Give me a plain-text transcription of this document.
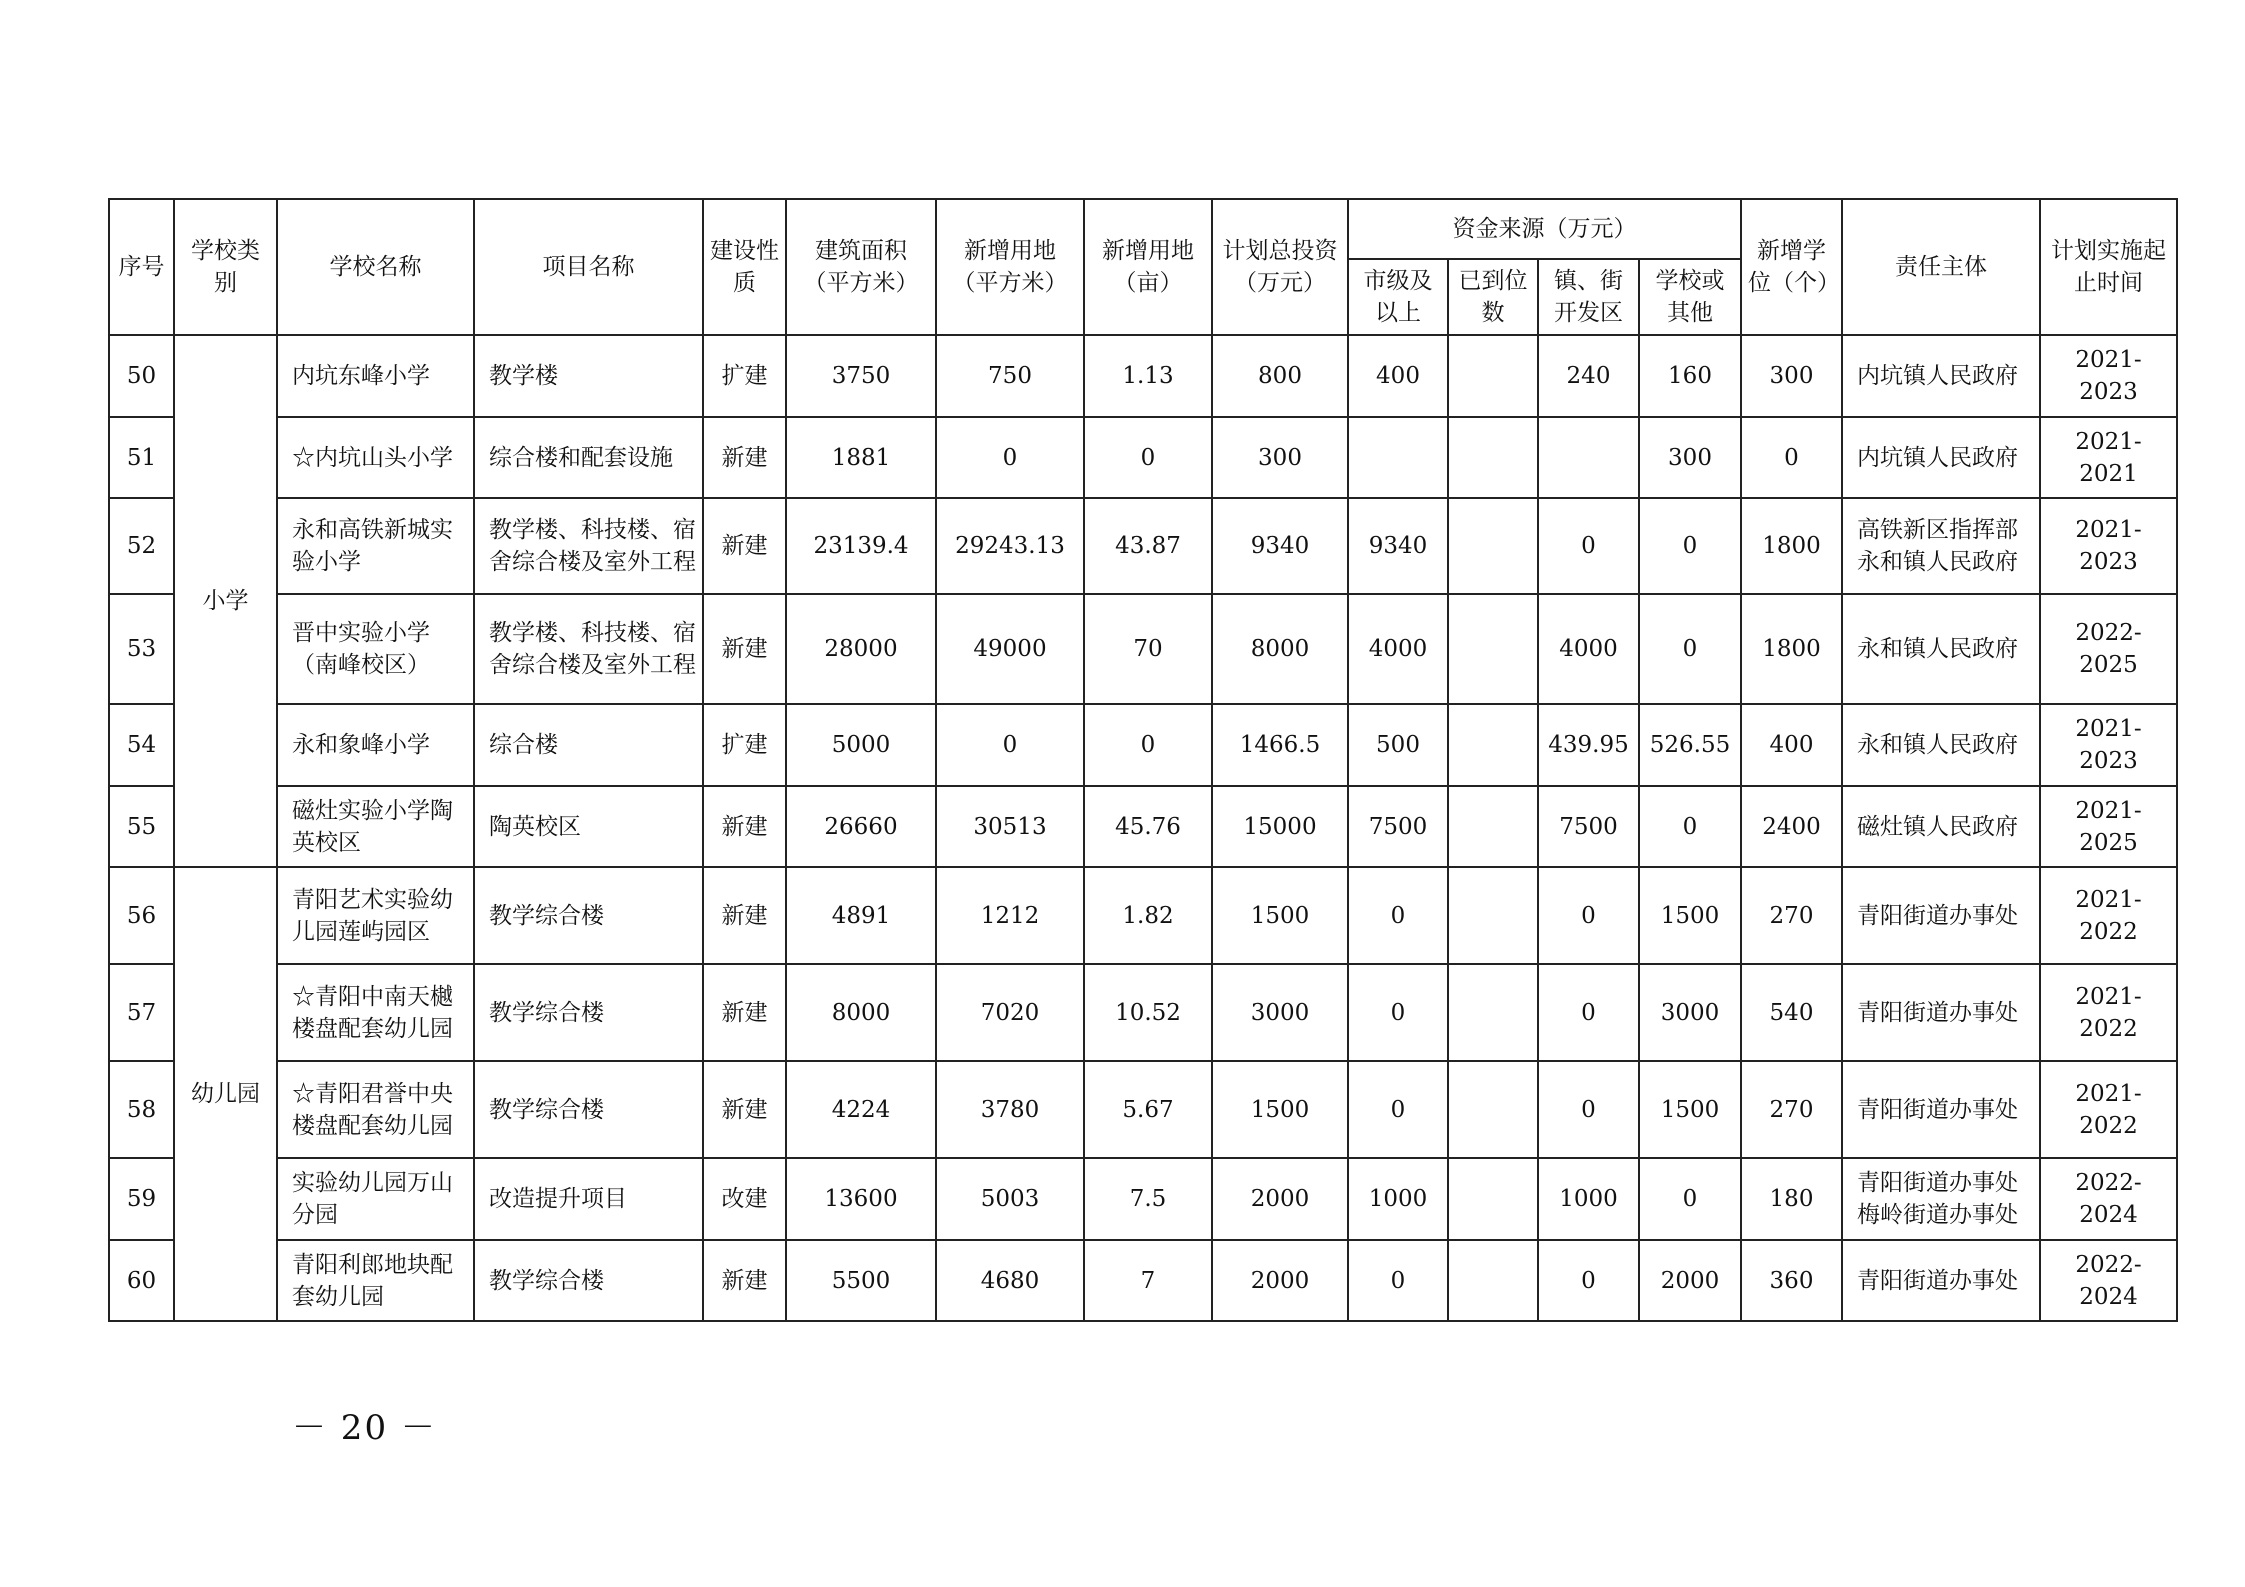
序号	学校类别	学校名称	项目名称	建设性质	建筑面积（平方米）	新增用地（平方米）	新增用地（亩）	计划总投资（万元）	资金来源（万元）				新增学位（个）	责任主体	计划实施起止时间
									市级及以上	已到位数	镇、街开发区	学校或其他			
50	小学	内坑东峰小学	教学楼	扩建	3750	750	1.13	800	400		240	160	300	内坑镇人民政府	2021-2023
51		☆内坑山头小学	综合楼和配套设施	新建	1881	0	0	300				300	0	内坑镇人民政府	2021-2021
52		永和高铁新城实验小学	教学楼、科技楼、宿舍综合楼及室外工程	新建	23139.4	29243.13	43.87	9340	9340		0	0	1800	高铁新区指挥部永和镇人民政府	2021-2023
53		晋中实验小学（南峰校区）	教学楼、科技楼、宿舍综合楼及室外工程	新建	28000	49000	70	8000	4000		4000	0	1800	永和镇人民政府	2022-2025
54		永和象峰小学	综合楼	扩建	5000	0	0	1466.5	500		439.95	526.55	400	永和镇人民政府	2021-2023
55		磁灶实验小学陶英校区	陶英校区	新建	26660	30513	45.76	15000	7500		7500	0	2400	磁灶镇人民政府	2021-2025
56	幼儿园	青阳艺术实验幼儿园莲屿园区	教学综合楼	新建	4891	1212	1.82	1500	0		0	1500	270	青阳街道办事处	2021-2022
57		☆青阳中南天樾楼盘配套幼儿园	教学综合楼	新建	8000	7020	10.52	3000	0		0	3000	540	青阳街道办事处	2021-2022
58		☆青阳君誉中央楼盘配套幼儿园	教学综合楼	新建	4224	3780	5.67	1500	0		0	1500	270	青阳街道办事处	2021-2022
59		实验幼儿园万山分园	改造提升项目	改建	13600	5003	7.5	2000	1000		1000	0	180	青阳街道办事处梅岭街道办事处	2022-2024
60		青阳利郎地块配套幼儿园	教学综合楼	新建	5500	4680	7	2000	0		0	2000	360	青阳街道办事处	2022-2024
－ 20 －
